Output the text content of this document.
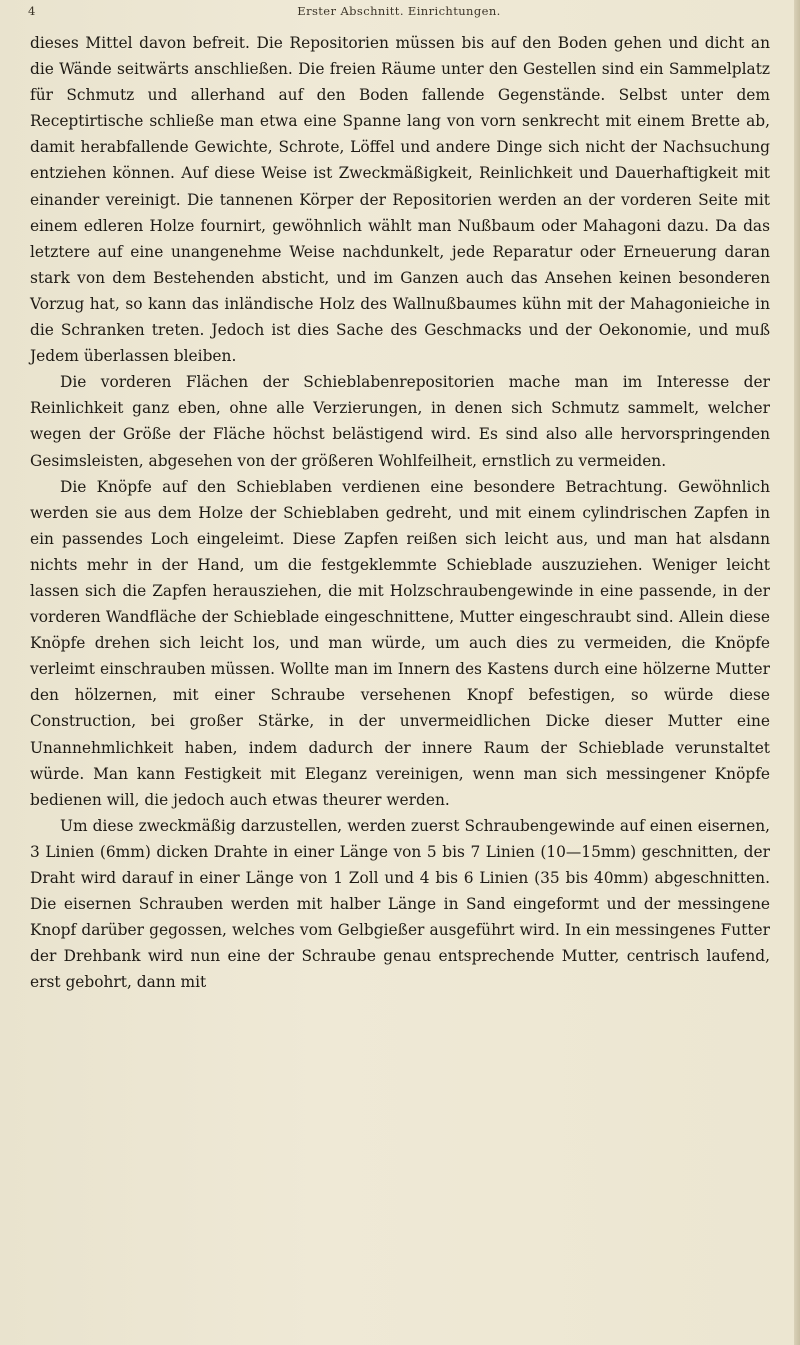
4	Erster Abschnitt. Einrichtungen.

dieses Mittel davon befreit. Die Repositorien müssen bis auf den Boden gehen und dicht an die Wände seitwärts anschließen. Die freien Räume unter den Gestellen sind ein Sammelplatz für Schmutz und allerhand auf den Boden fallende Gegenstände. Selbst unter dem Receptirtische schließe man etwa eine Spanne lang von vorn senkrecht mit einem Brette ab, damit herabfallende Gewichte, Schrote, Löffel und andere Dinge sich nicht der Nachsuchung entziehen können. Auf diese Weise ist Zweckmäßigkeit, Reinlichkeit und Dauerhaftigkeit mit einander vereinigt. Die tannenen Körper der Repositorien werden an der vorderen Seite mit einem edleren Holze fournirt, gewöhnlich wählt man Nußbaum oder Mahagoni dazu. Da das letztere auf eine unangenehme Weise nachdunkelt, jede Reparatur oder Erneuerung daran stark von dem Bestehenden absticht, und im Ganzen auch das Ansehen keinen besonderen Vorzug hat, so kann das inländische Holz des Wallnußbaumes kühn mit der Mahagonieiche in die Schranken treten. Jedoch ist dies Sache des Geschmacks und der Oekonomie, und muß Jedem überlassen bleiben.

Die vorderen Flächen der Schieblabenrepositorien mache man im Interesse der Reinlichkeit ganz eben, ohne alle Verzierungen, in denen sich Schmutz sammelt, welcher wegen der Größe der Fläche höchst belästigend wird. Es sind also alle hervorspringenden Gesimsleisten, abgesehen von der größeren Wohlfeilheit, ernstlich zu vermeiden.

Die Knöpfe auf den Schieblaben verdienen eine besondere Betrachtung. Gewöhnlich werden sie aus dem Holze der Schieblaben gedreht, und mit einem cylindrischen Zapfen in ein passendes Loch eingeleimt. Diese Zapfen reißen sich leicht aus, und man hat alsdann nichts mehr in der Hand, um die festgeklemmte Schieblade auszuziehen. Weniger leicht lassen sich die Zapfen herausziehen, die mit Holzschraubengewinde in eine passende, in der vorderen Wandfläche der Schieblade eingeschnittene, Mutter eingeschraubt sind. Allein diese Knöpfe drehen sich leicht los, und man würde, um auch dies zu vermeiden, die Knöpfe verleimt einschrauben müssen. Wollte man im Innern des Kastens durch eine hölzerne Mutter den hölzernen, mit einer Schraube versehenen Knopf befestigen, so würde diese Construction, bei großer Stärke, in der unvermeidlichen Dicke dieser Mutter eine Unannehmlichkeit haben, indem dadurch der innere Raum der Schieblade verunstaltet würde. Man kann Festigkeit mit Eleganz vereinigen, wenn man sich messingener Knöpfe bedienen will, die jedoch auch etwas theurer werden.

Um diese zweckmäßig darzustellen, werden zuerst Schraubengewinde auf einen eisernen, 3 Linien (6mm) dicken Drahte in einer Länge von 5 bis 7 Linien (10—15mm) geschnitten, der Draht wird darauf in einer Länge von 1 Zoll und 4 bis 6 Linien (35 bis 40mm) abgeschnitten. Die eisernen Schrauben werden mit halber Länge in Sand eingeformt und der messingene Knopf darüber gegossen, welches vom Gelbgießer ausgeführt wird. In ein messingenes Futter der Drehbank wird nun eine der Schraube genau entsprechende Mutter, centrisch laufend, erst gebohrt, dann mit
